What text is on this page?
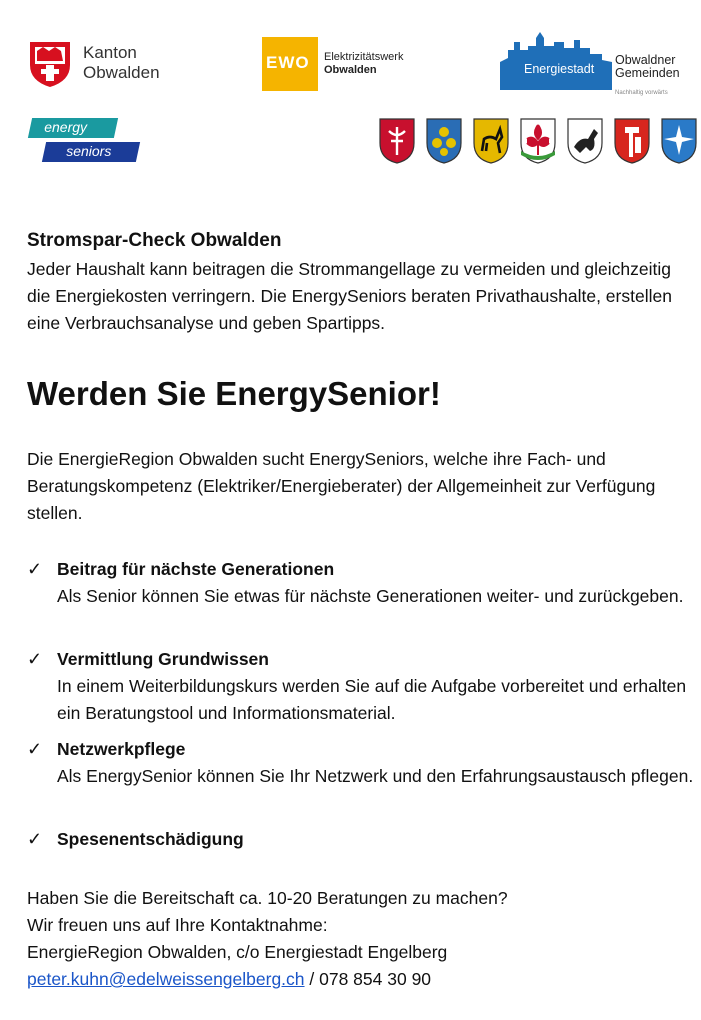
Kanton
Obwalden
EWO Elektrizitätswerk
Obwalden	Energiestadt
Obwaldner
Gemeinden
Nachhaltig vorwärts
energy
seniors
Stromspar-Check Obwalden
Jeder Haushalt kann beitragen die Strommangellage zu vermeiden und gleichzeitig die Energiekosten verringern. Die EnergySeniors beraten Privathaushalte, erstellen eine Verbrauchsanalyse und geben Spartipps.
Werden Sie EnergySenior!
Die EnergieRegion Obwalden sucht EnergySeniors, welche ihre Fach- und Beratungskompetenz (Elektriker/Energieberater) der Allgemeinheit zur Verfügung stellen.
✓ Beitrag für nächste Generationen
Als Senior können Sie etwas für nächste Generationen weiter- und zurückgeben.
✓ Vermittlung Grundwissen
In einem Weiterbildungskurs werden Sie auf die Aufgabe vorbereitet und erhalten ein Beratungstool und Informationsmaterial.
✓ Netzwerkpflege
Als EnergySenior können Sie Ihr Netzwerk und den Erfahrungsaustausch pflegen.
✓ Spesenentschädigung
Haben Sie die Bereitschaft ca. 10-20 Beratungen zu machen?
Wir freuen uns auf Ihre Kontaktnahme:
EnergieRegion Obwalden, c/o Energiestadt Engelberg
peter.kuhn@edelweissengelberg.ch / 078 854 30 90
